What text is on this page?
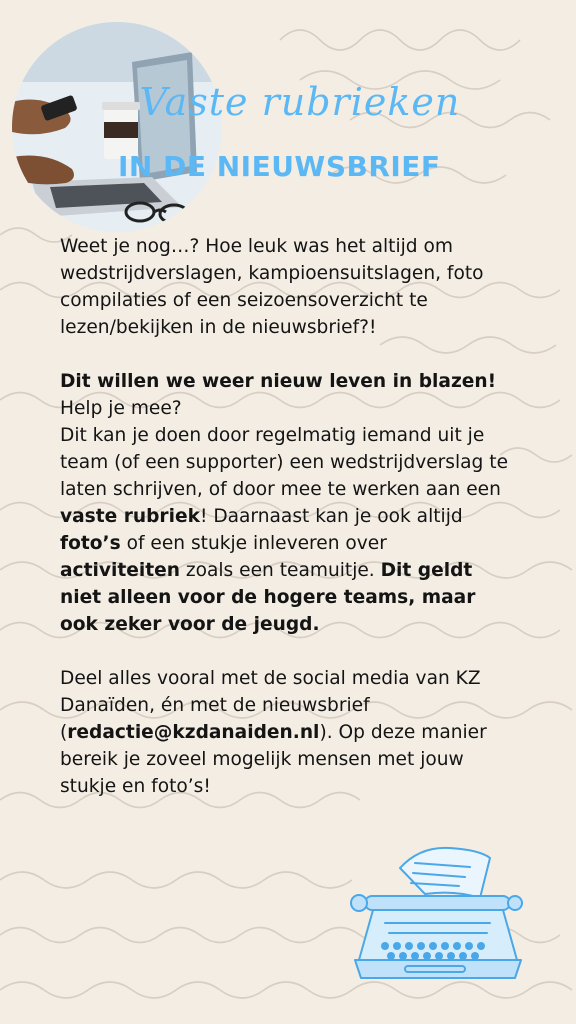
Vaste rubrieken
IN DE NIEUWSBRIEF

Weet je nog…? Hoe leuk was het altijd om wedstrijdverslagen, kampioensuitslagen, foto compilaties of een seizoensoverzicht te lezen/bekijken in de nieuwsbrief?!

Dit willen we weer nieuw leven in blazen!
Help je mee?
Dit kan je doen door regelmatig iemand uit je team (of een supporter) een wedstrijdverslag te laten schrijven, of door mee te werken aan een vaste rubriek! Daarnaast kan je ook altijd foto’s of een stukje inleveren over activiteiten zoals een teamuitje. Dit geldt niet alleen voor de hogere teams, maar ook zeker voor de jeugd.

Deel alles vooral met de social media van KZ Danaïden, én met de nieuwsbrief (redactie@kzdanaiden.nl). Op deze manier bereik je zoveel mogelijk mensen met jouw stukje en foto’s!
